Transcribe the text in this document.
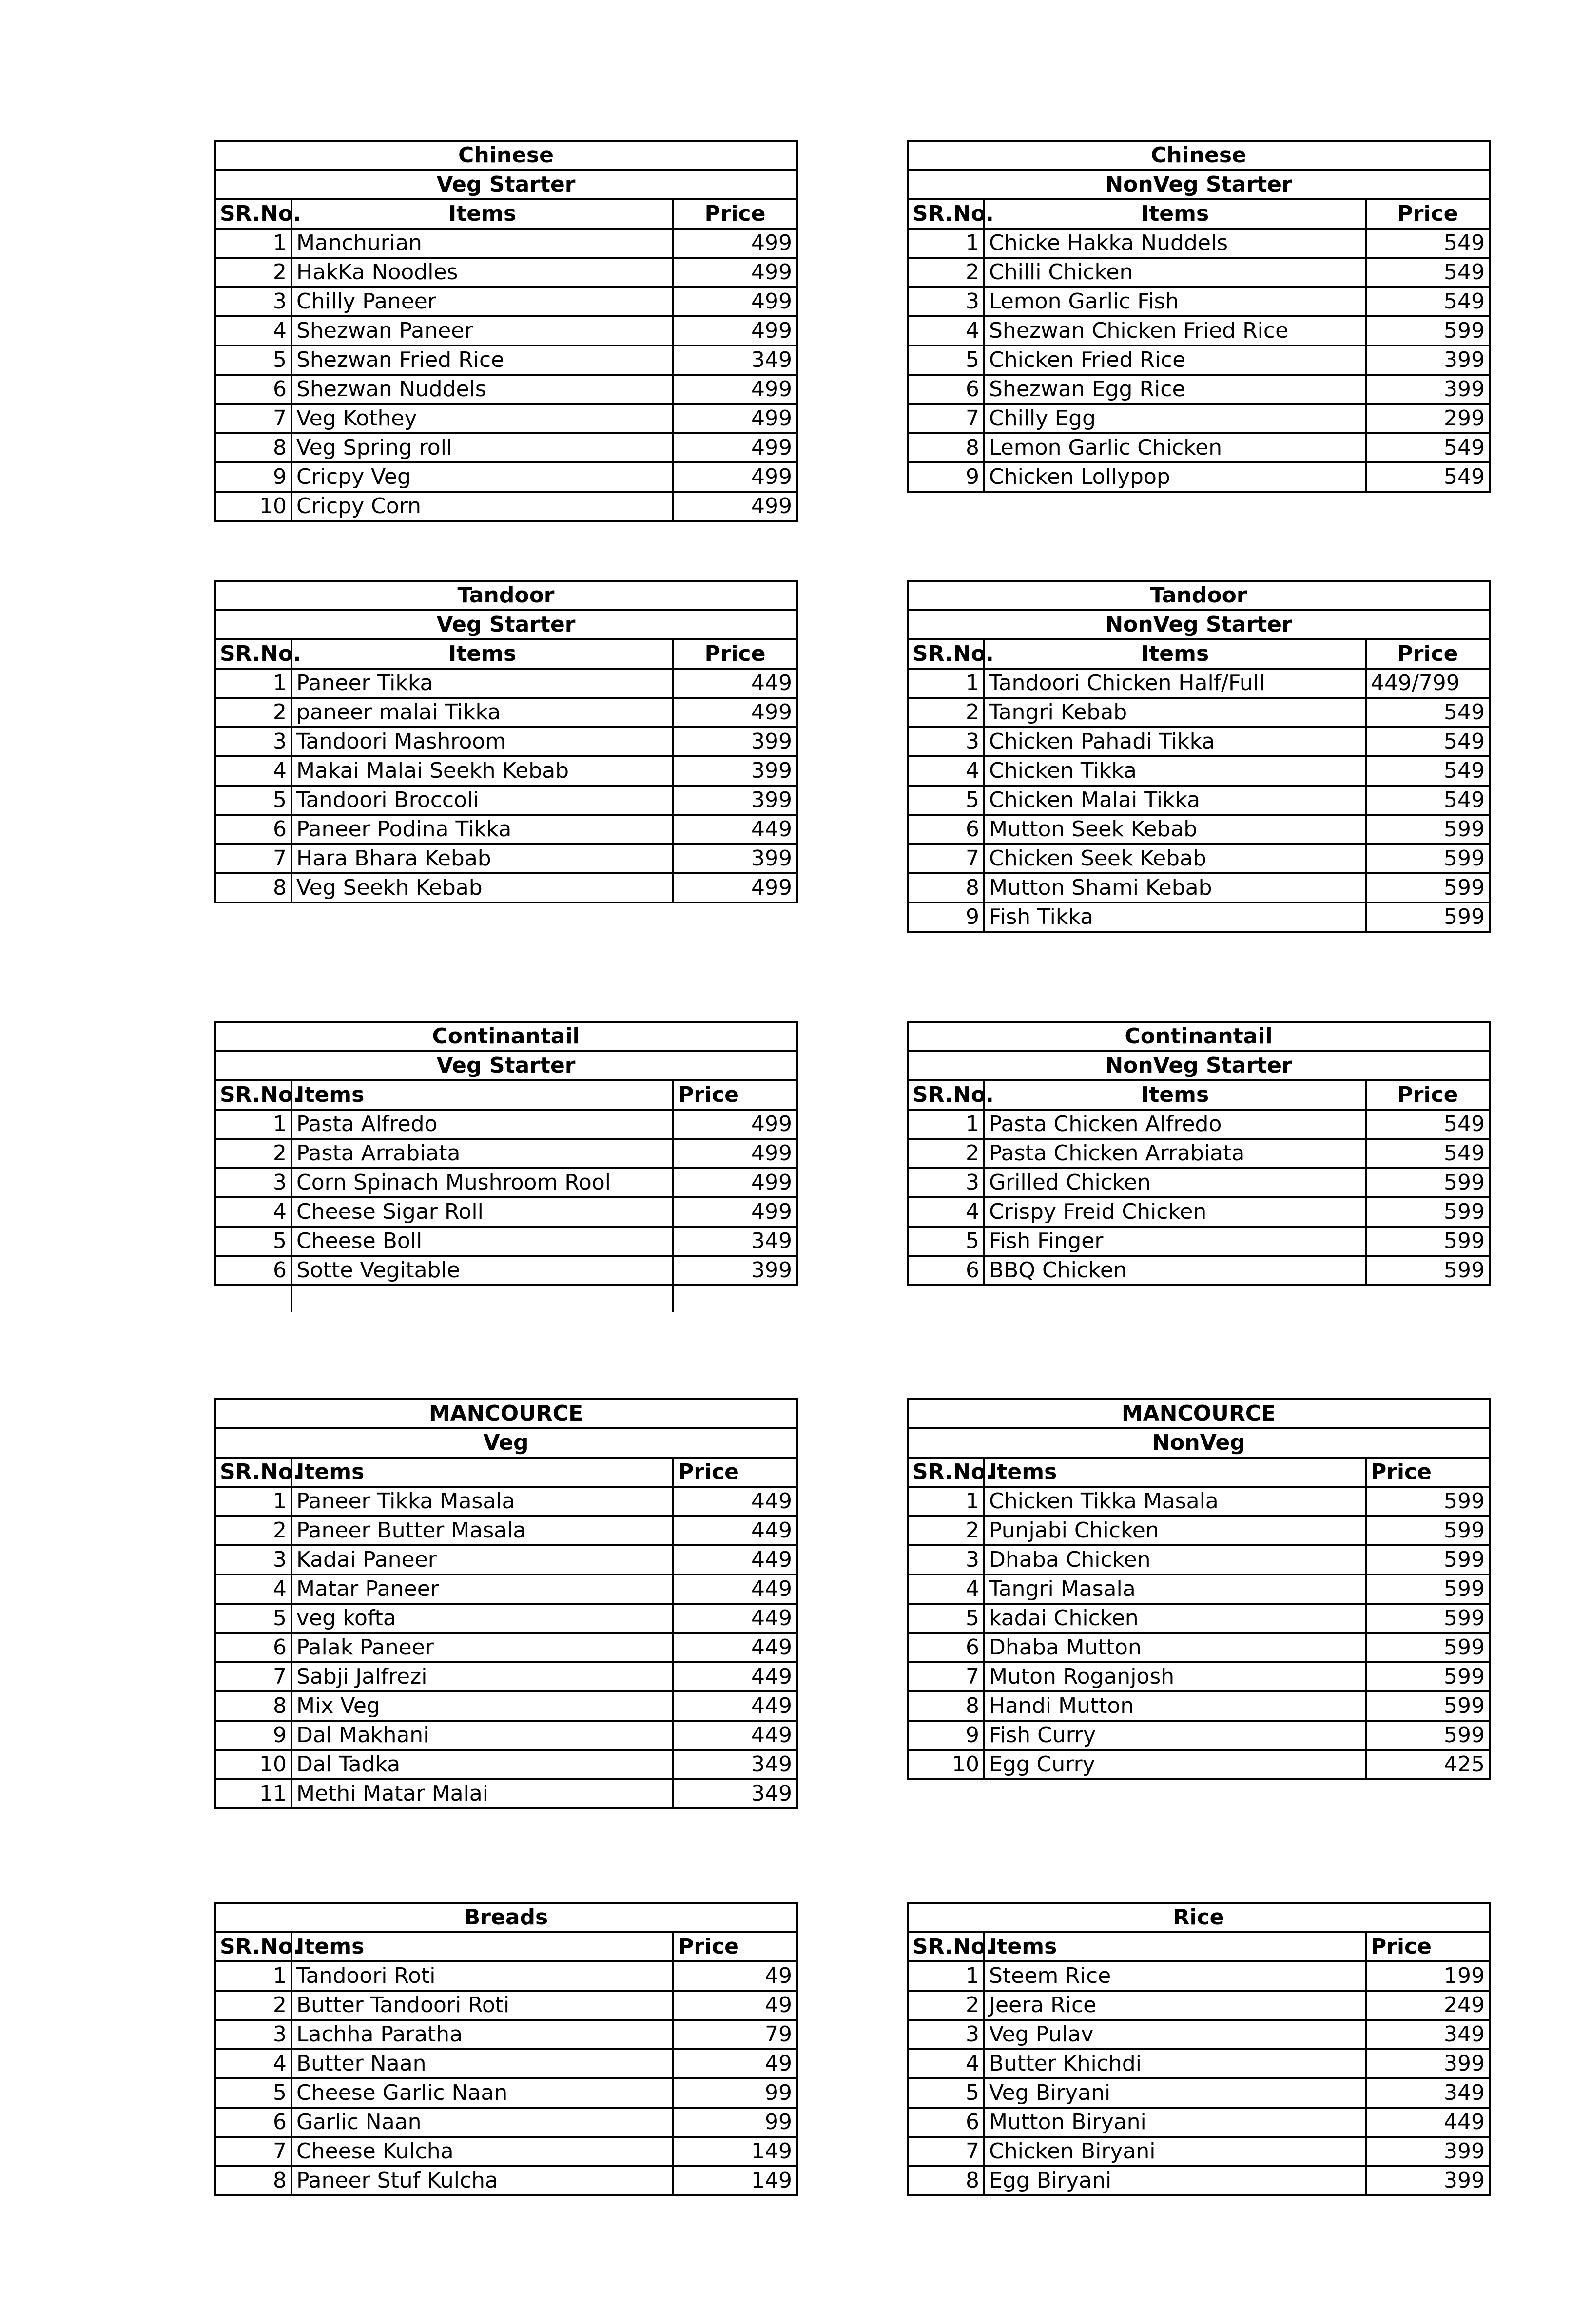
Chinese		
Veg Starter		
SR.No.	Items	Price
1	Manchurian	499
2	HakKa Noodles	499
3	Chilly Paneer	499
4	Shezwan Paneer	499
5	Shezwan Fried Rice	349
6	Shezwan Nuddels	499
7	Veg Kothey	499
8	Veg Spring roll	499
9	Cricpy Veg	499
10	Cricpy Corn	499
Chinese		
NonVeg Starter		
SR.No.	Items	Price
1	Chicke Hakka Nuddels	549
2	Chilli Chicken	549
3	Lemon Garlic Fish	549
4	Shezwan Chicken Fried Rice	599
5	Chicken Fried Rice	399
6	Shezwan Egg Rice	399
7	Chilly Egg	299
8	Lemon Garlic Chicken	549
9	Chicken Lollypop	549
Tandoor		
Veg Starter		
SR.No.	Items	Price
1	Paneer Tikka	449
2	paneer malai Tikka	499
3	Tandoori Mashroom	399
4	Makai Malai Seekh Kebab	399
5	Tandoori Broccoli	399
6	Paneer Podina Tikka	449
7	Hara Bhara Kebab	399
8	Veg Seekh Kebab	499
Tandoor		
NonVeg Starter		
SR.No.	Items	Price
1	Tandoori Chicken Half/Full	449/799
2	Tangri Kebab	549
3	Chicken Pahadi Tikka	549
4	Chicken Tikka	549
5	Chicken Malai Tikka	549
6	Mutton Seek Kebab	599
7	Chicken Seek Kebab	599
8	Mutton Shami Kebab	599
9	Fish Tikka	599
Continantail		
Veg Starter		
SR.No.	Items	Price
1	Pasta Alfredo	499
2	Pasta Arrabiata	499
3	Corn Spinach Mushroom Rool	499
4	Cheese Sigar Roll	499
5	Cheese Boll	349
6	Sotte Vegitable	399

Continantail		
NonVeg Starter		
SR.No.	Items	Price
1	Pasta Chicken Alfredo	549
2	Pasta Chicken Arrabiata	549
3	Grilled Chicken	599
4	Crispy Freid Chicken	599
5	Fish Finger	599
6	BBQ Chicken	599
MANCOURCE		
Veg		
SR.No.	Items	Price
1	Paneer Tikka Masala	449
2	Paneer Butter Masala	449
3	Kadai Paneer	449
4	Matar Paneer	449
5	veg kofta	449
6	Palak Paneer	449
7	Sabji Jalfrezi	449
8	Mix Veg	449
9	Dal Makhani	449
10	Dal Tadka	349
11	Methi Matar Malai	349
MANCOURCE		
NonVeg		
SR.No.	Items	Price
1	Chicken Tikka Masala	599
2	Punjabi Chicken	599
3	Dhaba Chicken	599
4	Tangri Masala	599
5	kadai Chicken	599
6	Dhaba Mutton	599
7	Muton Roganjosh	599
8	Handi Mutton	599
9	Fish Curry	599
10	Egg Curry	425
Breads		
SR.No.	Items	Price
1	Tandoori Roti	49
2	Butter Tandoori Roti	49
3	Lachha Paratha	79
4	Butter Naan	49
5	Cheese Garlic Naan	99
6	Garlic Naan	99
7	Cheese Kulcha	149
8	Paneer Stuf Kulcha	149
Rice		
SR.No.	Items	Price
1	Steem Rice	199
2	Jeera Rice	249
3	Veg Pulav	349
4	Butter Khichdi	399
5	Veg Biryani	349
6	Mutton Biryani	449
7	Chicken Biryani	399
8	Egg Biryani	399
